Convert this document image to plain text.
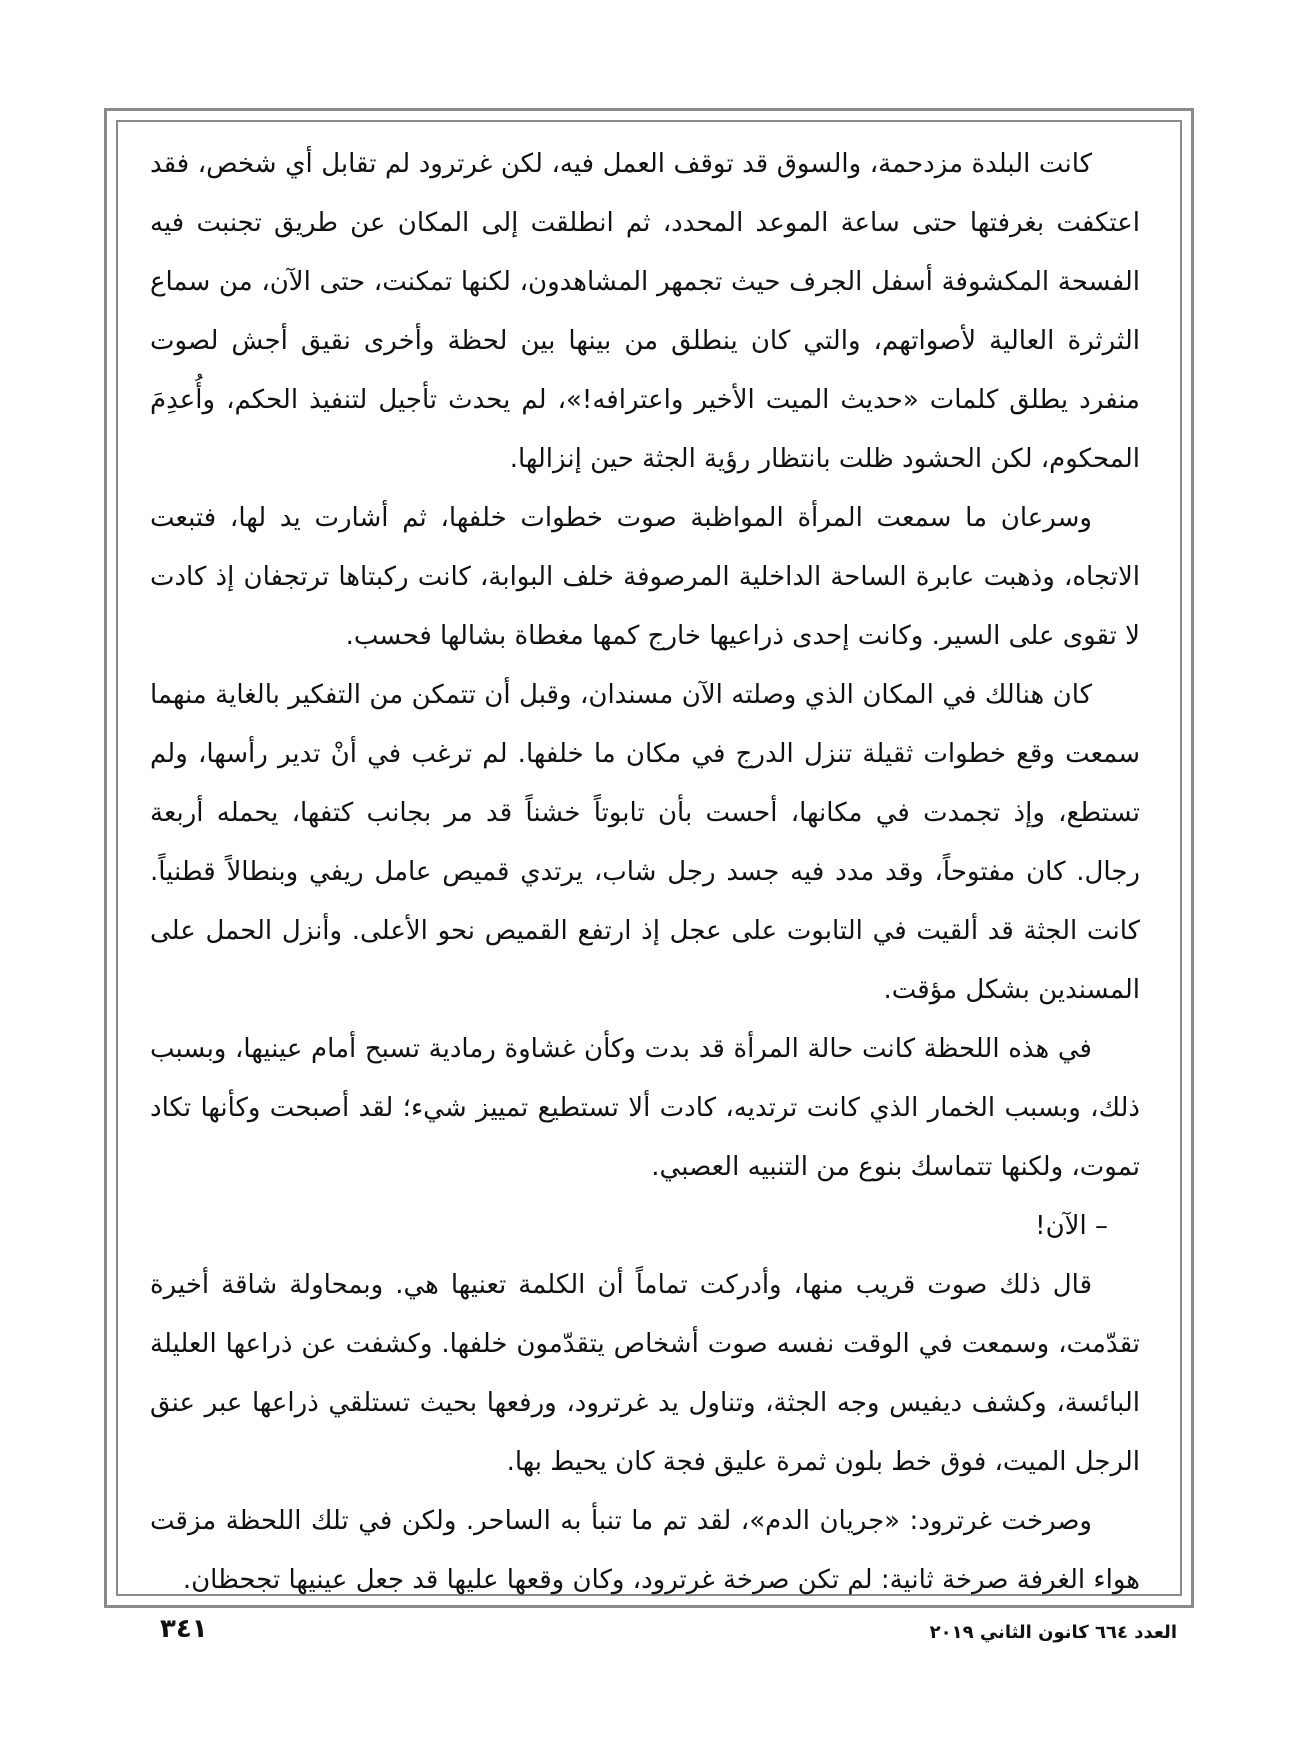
كانت البلدة مزدحمة، والسوق قد توقف العمل فيه، لكن غرترود لم تقابل أي شخص، فقد اعتكفت بغرفتها حتى ساعة الموعد المحدد، ثم انطلقت إلى المكان عن طريق تجنبت فيه الفسحة المكشوفة أسفل الجرف حيث تجمهر المشاهدون، لكنها تمكنت، حتى الآن، من سماع الثرثرة العالية لأصواتهم، والتي كان ينطلق من بينها بين لحظة وأخرى نقيق أجش لصوت منفرد يطلق كلمات «حديث الميت الأخير واعترافه!»، لم يحدث تأجيل لتنفيذ الحكم، وأُعدِمَ المحكوم، لكن الحشود ظلت بانتظار رؤية الجثة حين إنزالها.

وسرعان ما سمعت المرأة المواظبة صوت خطوات خلفها، ثم أشارت يد لها، فتبعت الاتجاه، وذهبت عابرة الساحة الداخلية المرصوفة خلف البوابة، كانت ركبتاها ترتجفان إذ كادت لا تقوى على السير. وكانت إحدى ذراعيها خارج كمها مغطاة بشالها فحسب.

كان هنالك في المكان الذي وصلته الآن مسندان، وقبل أن تتمكن من التفكير بالغاية منهما سمعت وقع خطوات ثقيلة تنزل الدرج في مكان ما خلفها. لم ترغب في أنْ تدير رأسها، ولم تستطع، وإذ تجمدت في مكانها، أحست بأن تابوتاً خشناً قد مر بجانب كتفها، يحمله أربعة رجال. كان مفتوحاً، وقد مدد فيه جسد رجل شاب، يرتدي قميص عامل ريفي وبنطالاً قطنياً. كانت الجثة قد ألقيت في التابوت على عجل إذ ارتفع القميص نحو الأعلى. وأنزل الحمل على المسندين بشكل مؤقت.

في هذه اللحظة كانت حالة المرأة قد بدت وكأن غشاوة رمادية تسبح أمام عينيها، وبسبب ذلك، وبسبب الخمار الذي كانت ترتديه، كادت ألا تستطيع تمييز شيء؛ لقد أصبحت وكأنها تكاد تموت، ولكنها تتماسك بنوع من التنبيه العصبي.

– الآن!

قال ذلك صوت قريب منها، وأدركت تماماً أن الكلمة تعنيها هي. وبمحاولة شاقة أخيرة تقدّمت، وسمعت في الوقت نفسه صوت أشخاص يتقدّمون خلفها. وكشفت عن ذراعها العليلة البائسة، وكشف ديفيس وجه الجثة، وتناول يد غرترود، ورفعها بحيث تستلقي ذراعها عبر عنق الرجل الميت، فوق خط بلون ثمرة عليق فجة كان يحيط بها.

وصرخت غرترود: «جريان الدم»، لقد تم ما تنبأ به الساحر. ولكن في تلك اللحظة مزقت هواء الغرفة صرخة ثانية: لم تكن صرخة غرترود، وكان وقعها عليها قد جعل عينيها تجحظان.

العدد ٦٦٤ كانون الثاني ٢٠١٩
٣٤١
